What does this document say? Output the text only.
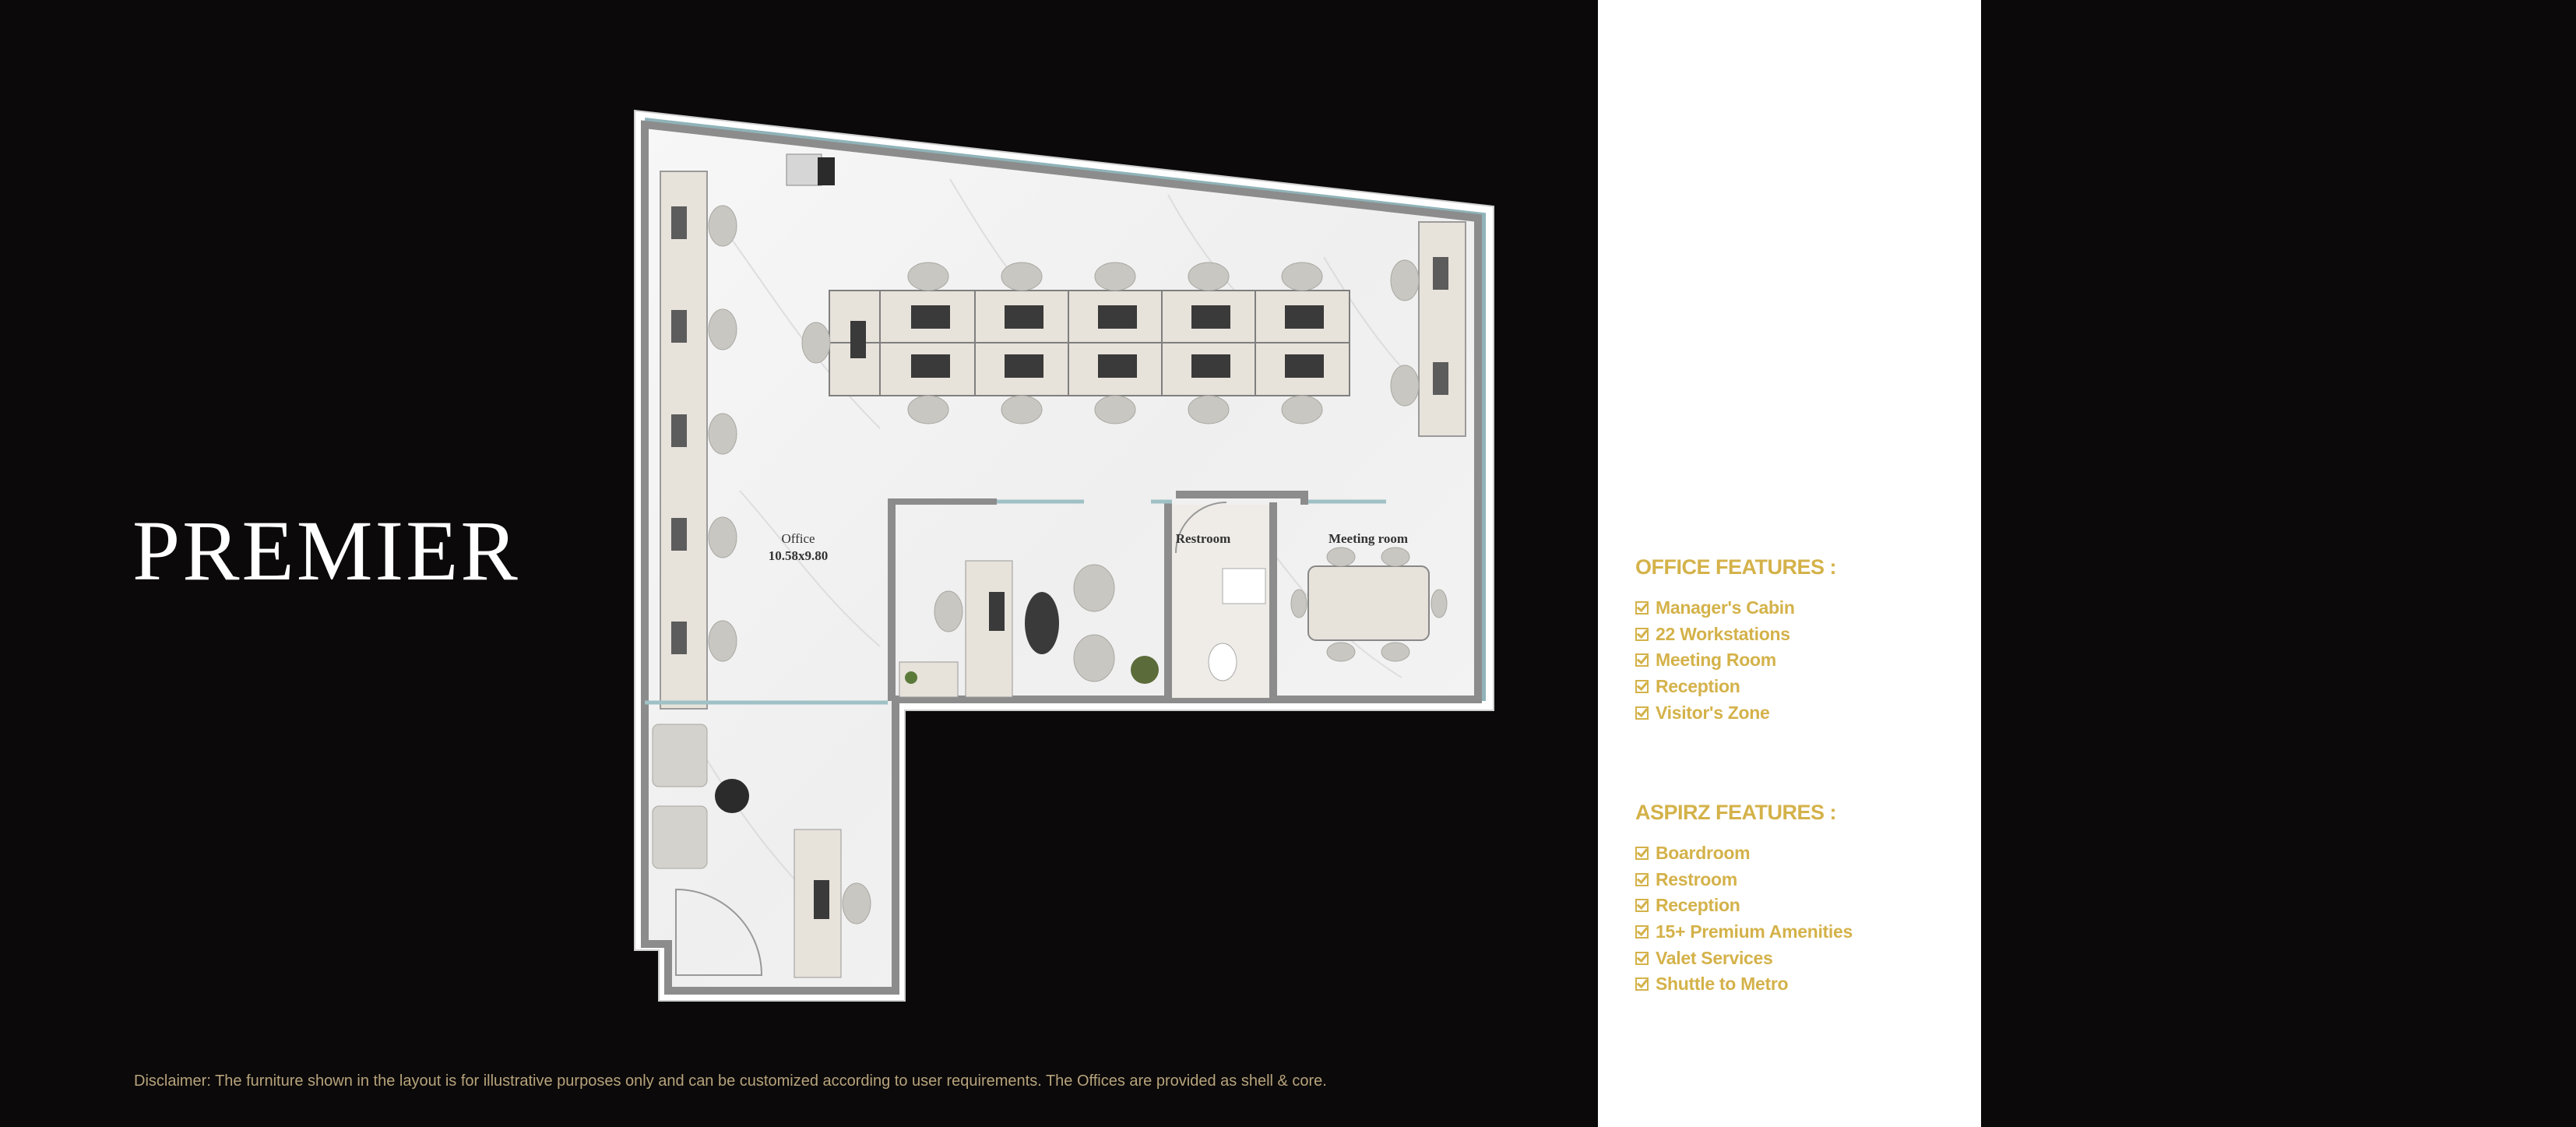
PREMIER	Office
10.58x9.80
Restroom	Meeting room
OFFICE FEATURES :
Manager's Cabin
22 Workstations
Meeting Room
Reception
Visitor's Zone
ASPIRZ FEATURES :
Boardroom
Restroom
Reception
15+ Premium Amenities
Valet Services
Shuttle to Metro
Disclaimer: The furniture shown in the layout is for illustrative purposes only and can be customized according to user requirements. The Offices are provided as shell & core.
